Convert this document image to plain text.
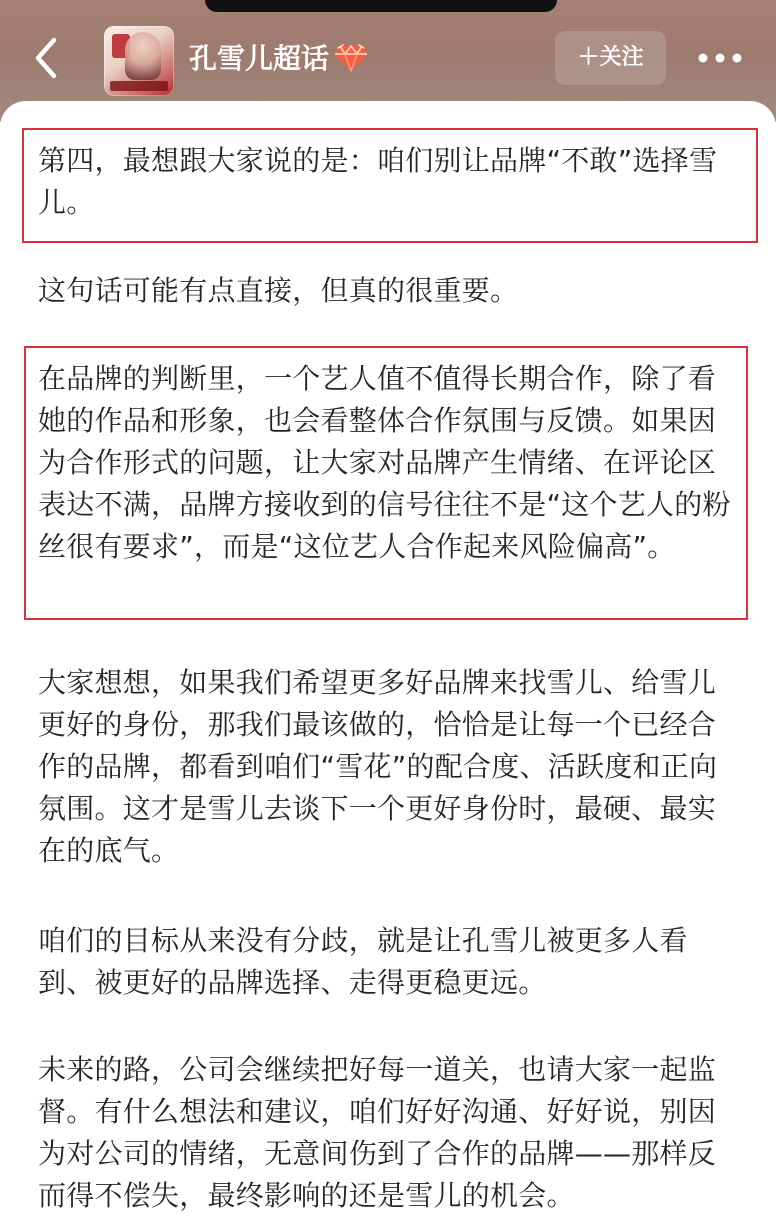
孔雪儿超话	＋关注

第四，最想跟大家说的是：咱们别让品牌“不敢”选择雪儿。

这句话可能有点直接，但真的很重要。

在品牌的判断里，一个艺人值不值得长期合作，除了看她的作品和形象，也会看整体合作氛围与反馈。如果因为合作形式的问题，让大家对品牌产生情绪、在评论区表达不满，品牌方接收到的信号往往不是“这个艺人的粉丝很有要求”，而是“这位艺人合作起来风险偏高”。

大家想想，如果我们希望更多好品牌来找雪儿、给雪儿更好的身份，那我们最该做的，恰恰是让每一个已经合作的品牌，都看到咱们“雪花”的配合度、活跃度和正向氛围。这才是雪儿去谈下一个更好身份时，最硬、最实在的底气。

咱们的目标从来没有分歧，就是让孔雪儿被更多人看到、被更好的品牌选择、走得更稳更远。

未来的路，公司会继续把好每一道关，也请大家一起监督。有什么想法和建议，咱们好好沟通、好好说，别因为对公司的情绪，无意间伤到了合作的品牌——那样反而得不偿失，最终影响的还是雪儿的机会。
